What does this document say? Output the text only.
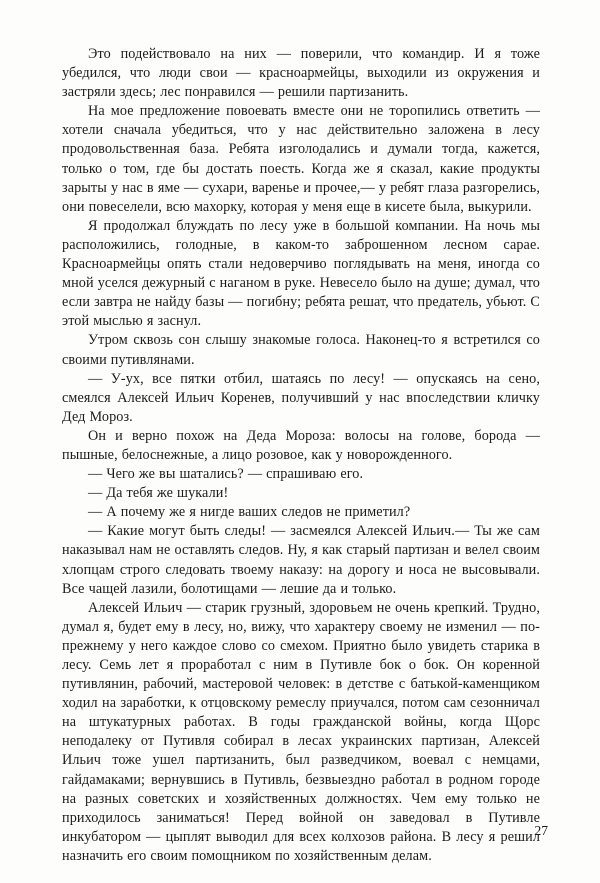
Это подействовало на них — поверили, что командир. И я тоже убедился, что люди свои — красноармейцы, выходили из окружения и застряли здесь; лес понравился — решили партизанить.

На мое предложение повоевать вместе они не торопились ответить — хотели сначала убедиться, что у нас действительно заложена в лесу продовольственная база. Ребята изголодались и думали тогда, кажется, только о том, где бы достать поесть. Когда же я сказал, какие продукты зарыты у нас в яме — сухари, варенье и прочее,— у ребят глаза разгорелись, они повеселели, всю махорку, которая у меня еще в кисете была, выкурили.

Я продолжал блуждать по лесу уже в большой компании. На ночь мы расположились, голодные, в каком-то заброшенном лесном сарае. Красноармейцы опять стали недоверчиво поглядывать на меня, иногда со мной уселся дежурный с наганом в руке. Невесело было на душе; думал, что если завтра не найду базы — погибну; ребята решат, что предатель, убьют. С этой мыслью я заснул.

Утром сквозь сон слышу знакомые голоса. Наконец-то я встретился со своими путивлянами.

— У-ух, все пятки отбил, шатаясь по лесу! — опускаясь на сено, смеялся Алексей Ильич Коренев, получивший у нас впоследствии кличку Дед Мороз.

Он и верно похож на Деда Мороза: волосы на голове, борода — пышные, белоснежные, а лицо розовое, как у новорожденного.

— Чего же вы шатались? — спрашиваю его.

— Да тебя же шукали!

— А почему же я нигде ваших следов не приметил?

— Какие могут быть следы! — засмеялся Алексей Ильич.— Ты же сам наказывал нам не оставлять следов. Ну, я как старый партизан и велел своим хлопцам строго следовать твоему наказу: на дорогу и носа не высовывали. Все чащей лазили, болотищами — лешие да и только.

Алексей Ильич — старик грузный, здоровьем не очень крепкий. Трудно, думал я, будет ему в лесу, но, вижу, что характеру своему не изменил — по-прежнему у него каждое слово со смехом. Приятно было увидеть старика в лесу. Семь лет я проработал с ним в Путивле бок о бок. Он коренной путивлянин, рабочий, мастеровой человек: в детстве с батькой-каменщиком ходил на заработки, к отцовскому ремеслу приучался, потом сам сезонничал на штукатурных работах. В годы гражданской войны, когда Щорс неподалеку от Путивля собирал в лесах украинских партизан, Алексей Ильич тоже ушел партизанить, был разведчиком, воевал с немцами, гайдамаками; вернувшись в Путивль, безвыездно работал в родном городе на разных советских и хозяйственных должностях. Чем ему только не приходилось заниматься! Перед войной он заведовал в Путивле инкубатором — цыплят выводил для всех колхозов района. В лесу я решил назначить его своим помощником по хозяйственным делам.

27
